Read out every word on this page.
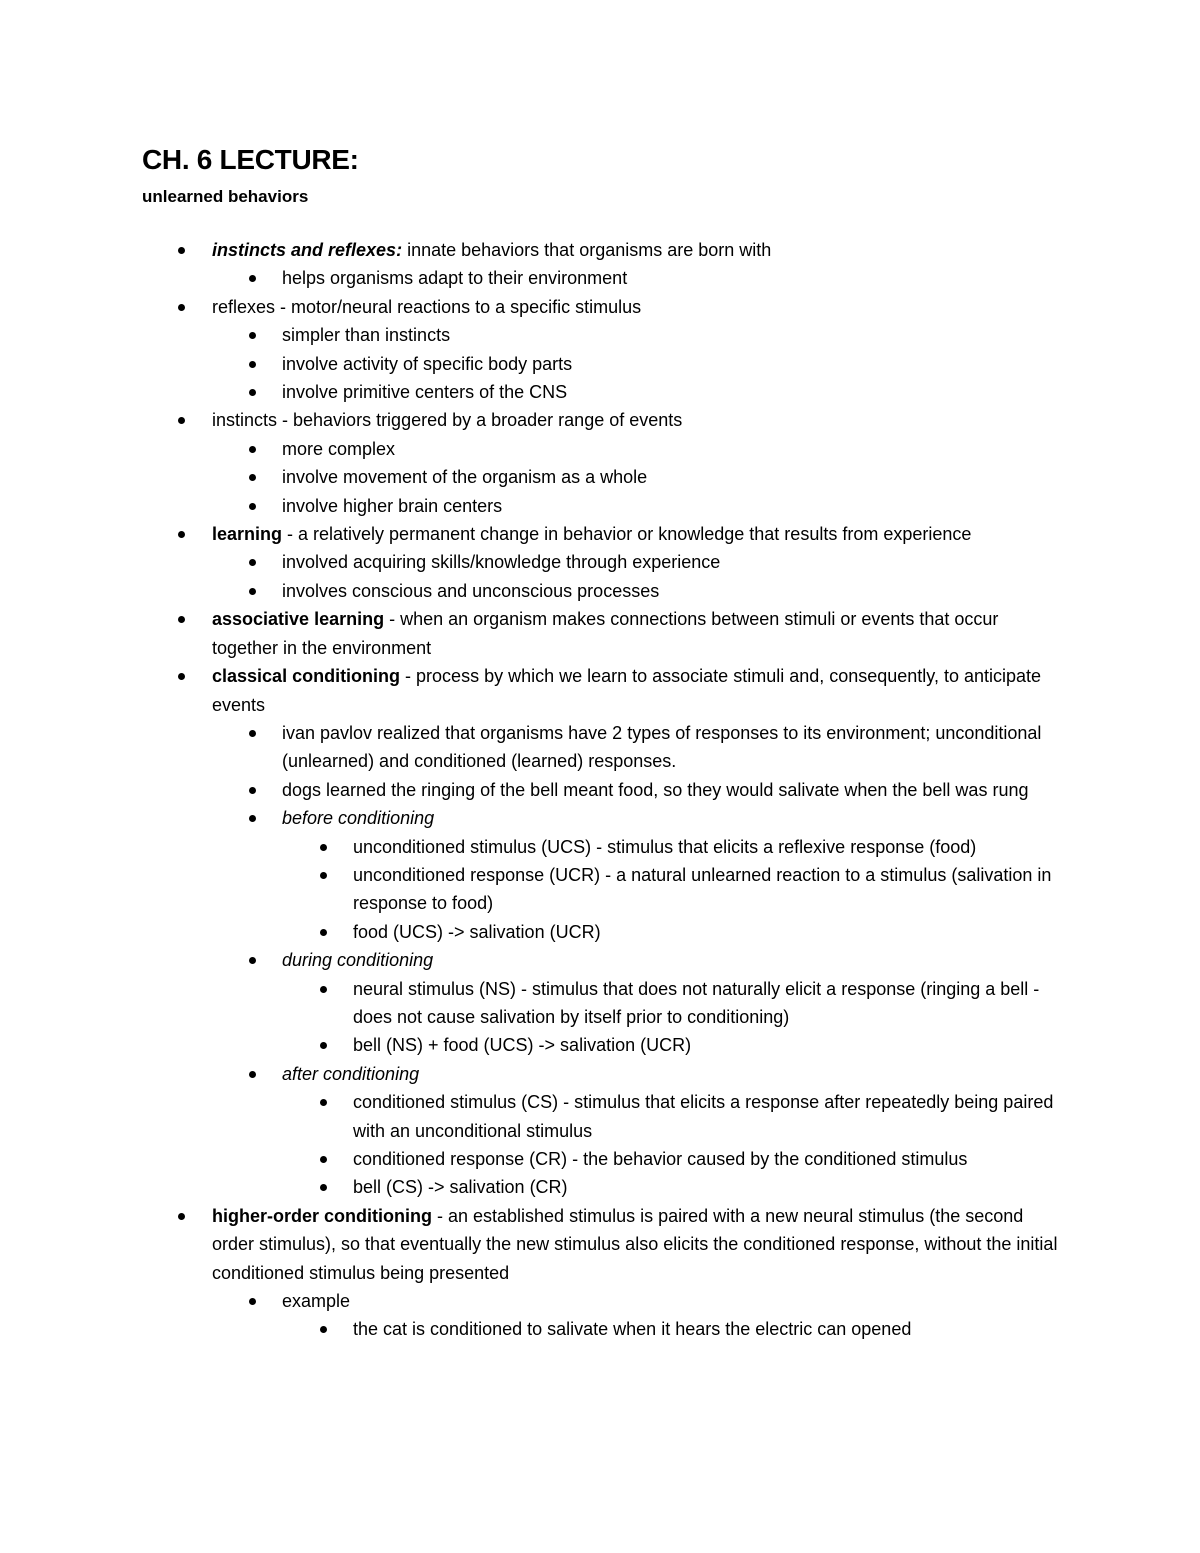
CH. 6 LECTURE:
unlearned behaviors
instincts and reflexes: innate behaviors that organisms are born with
helps organisms adapt to their environment
reflexes - motor/neural reactions to a specific stimulus
simpler than instincts
involve activity of specific body parts
involve primitive centers of the CNS
instincts - behaviors triggered by a broader range of events
more complex
involve movement of the organism as a whole
involve higher brain centers
learning - a relatively permanent change in behavior or knowledge that results from experience
involved acquiring skills/knowledge through experience
involves conscious and unconscious processes
associative learning - when an organism makes connections between stimuli or events that occur together in the environment
classical conditioning - process by which we learn to associate stimuli and, consequently, to anticipate events
ivan pavlov realized that organisms have 2 types of responses to its environment; unconditional (unlearned) and conditioned (learned) responses.
dogs learned the ringing of the bell meant food, so they would salivate when the bell was rung
before conditioning
unconditioned stimulus (UCS) - stimulus that elicits a reflexive response (food)
unconditioned response (UCR) - a natural unlearned reaction to a stimulus (salivation in response to food)
food (UCS) -> salivation (UCR)
during conditioning
neural stimulus (NS) - stimulus that does not naturally elicit a response (ringing a bell - does not cause salivation by itself prior to conditioning)
bell (NS) + food (UCS) -> salivation (UCR)
after conditioning
conditioned stimulus (CS) - stimulus that elicits a response after repeatedly being paired with an unconditional stimulus
conditioned response (CR) - the behavior caused by the conditioned stimulus
bell (CS) -> salivation (CR)
higher-order conditioning - an established stimulus is paired with a new neural stimulus (the second order stimulus), so that eventually the new stimulus also elicits the conditioned response, without the initial conditioned stimulus being presented
example
the cat is conditioned to salivate when it hears the electric can opened
